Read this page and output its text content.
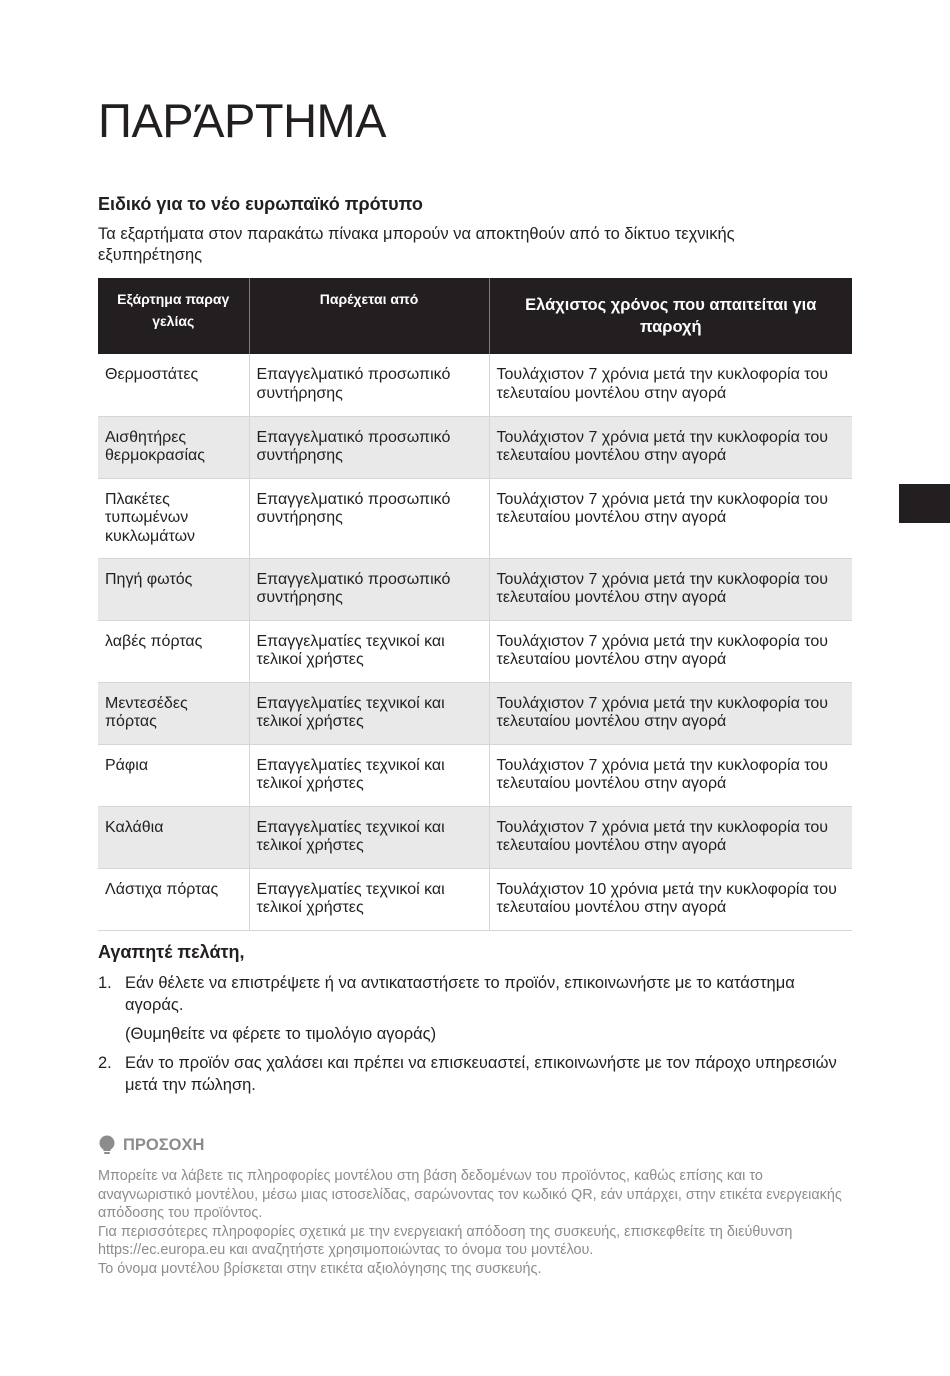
ΠΑΡΆΡΤΗΜΑ
Ειδικό για το νέο ευρωπαϊκό πρότυπο

Τα εξαρτήματα στον παρακάτω πίνακα μπορούν να αποκτηθούν από το δίκτυο τεχνικής εξυπηρέτησης

Εξάρτημα παραγ γελίας	Παρέχεται από	Ελάχιστος χρόνος που απαιτείται για παροχή
Θερμοστάτες	Επαγγελματικό προσωπικό συντήρησης	Τουλάχιστον 7 χρόνια μετά την κυκλοφορία του τελευταίου μοντέλου στην αγορά
Αισθητήρες θερμοκρασίας	Επαγγελματικό προσωπικό συντήρησης	Τουλάχιστον 7 χρόνια μετά την κυκλοφορία του τελευταίου μοντέλου στην αγορά
Πλακέτες τυπωμένων κυκλωμάτων	Επαγγελματικό προσωπικό συντήρησης	Τουλάχιστον 7 χρόνια μετά την κυκλοφορία του τελευταίου μοντέλου στην αγορά
Πηγή φωτός	Επαγγελματικό προσωπικό συντήρησης	Τουλάχιστον 7 χρόνια μετά την κυκλοφορία του τελευταίου μοντέλου στην αγορά
λαβές πόρτας	Επαγγελματίες τεχνικοί και τελικοί χρήστες	Τουλάχιστον 7 χρόνια μετά την κυκλοφορία του τελευταίου μοντέλου στην αγορά
Μεντεσέδες πόρτας	Επαγγελματίες τεχνικοί και τελικοί χρήστες	Τουλάχιστον 7 χρόνια μετά την κυκλοφορία του τελευταίου μοντέλου στην αγορά
Ράφια	Επαγγελματίες τεχνικοί και τελικοί χρήστες	Τουλάχιστον 7 χρόνια μετά την κυκλοφορία του τελευταίου μοντέλου στην αγορά
Καλάθια	Επαγγελματίες τεχνικοί και τελικοί χρήστες	Τουλάχιστον 7 χρόνια μετά την κυκλοφορία του τελευταίου μοντέλου στην αγορά
Λάστιχα πόρτας	Επαγγελματίες τεχνικοί και τελικοί χρήστες	Τουλάχιστον 10 χρόνια μετά την κυκλοφορία του τελευταίου μοντέλου στην αγορά
Αγαπητέ πελάτη,
1. Εάν θέλετε να επιστρέψετε ή να αντικαταστήσετε το προϊόν, επικοινωνήστε με το κατάστημα αγοράς.
(Θυμηθείτε να φέρετε το τιμολόγιο αγοράς)
2. Εάν το προϊόν σας χαλάσει και πρέπει να επισκευαστεί, επικοινωνήστε με τον πάροχο υπηρεσιών μετά την πώληση.
ΠΡΟΣΟΧΗ

Μπορείτε να λάβετε τις πληροφορίες μοντέλου στη βάση δεδομένων του προϊόντος, καθώς επίσης και το αναγνωριστικό μοντέλου, μέσω μιας ιστοσελίδας, σαρώνοντας τον κωδικό QR, εάν υπάρχει, στην ετικέτα ενεργειακής απόδοσης του προϊόντος.

Για περισσότερες πληροφορίες σχετικά με την ενεργειακή απόδοση της συσκευής, επισκεφθείτε τη διεύθυνση https://ec.europa.eu και αναζητήστε χρησιμοποιώντας το όνομα του μοντέλου.

Το όνομα μοντέλου βρίσκεται στην ετικέτα αξιολόγησης της συσκευής.
